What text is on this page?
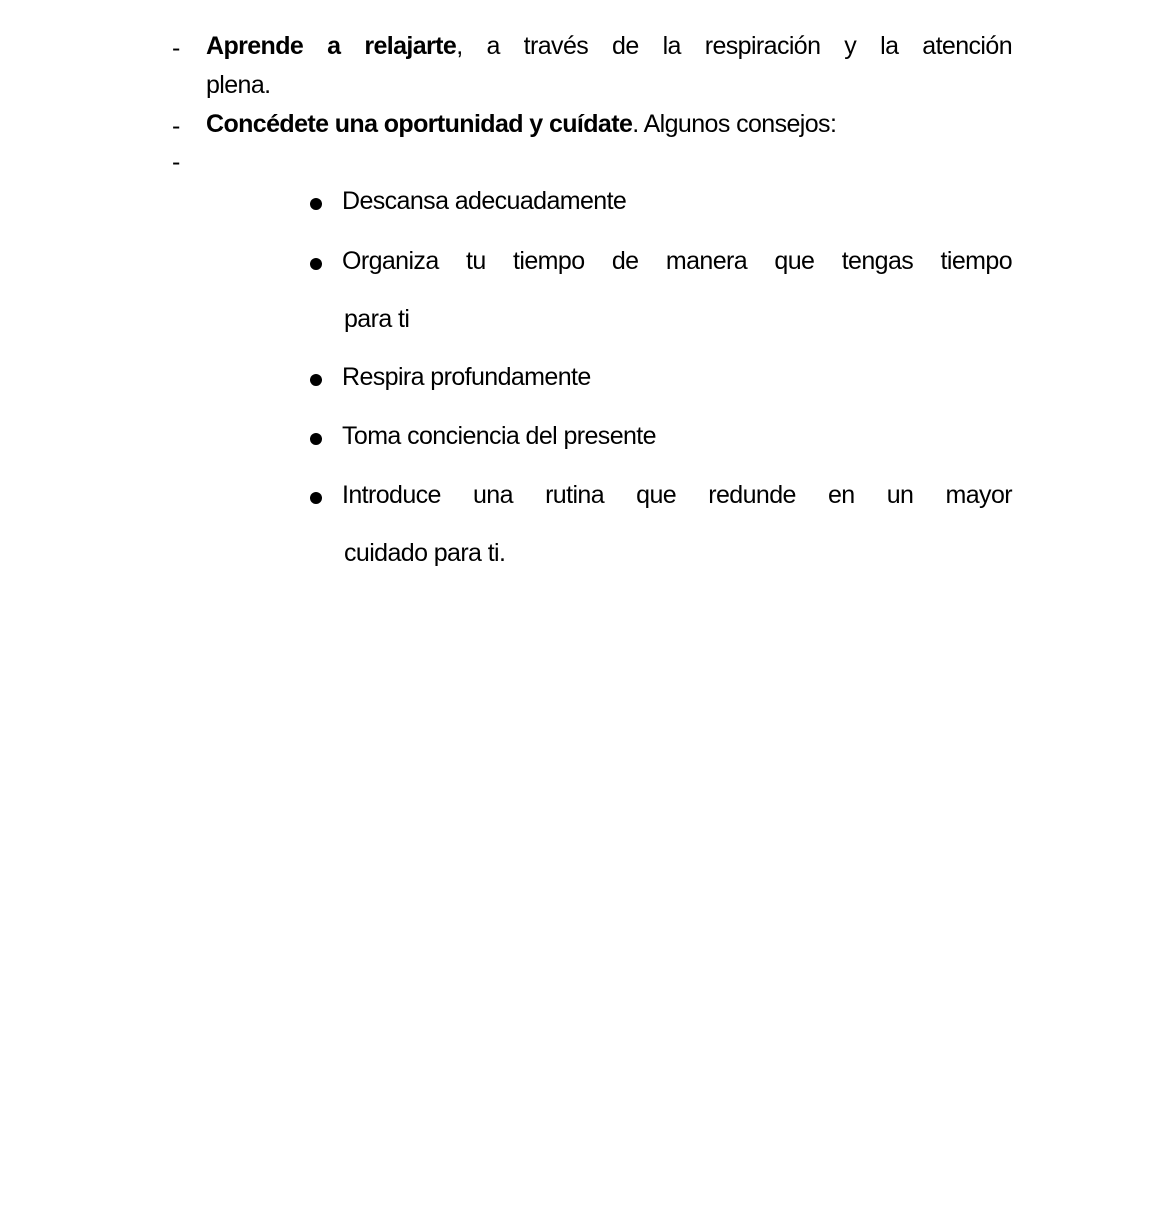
- Aprende a relajarte, a través de la respiración y la atención
plena.
- Concédete una oportunidad y cuídate. Algunos consejos:
-
Descansa adecuadamente
Organiza tu tiempo de manera que tengas tiempo
para ti
Respira profundamente
Toma conciencia del presente
Introduce una rutina que redunde en un mayor
cuidado para ti.
